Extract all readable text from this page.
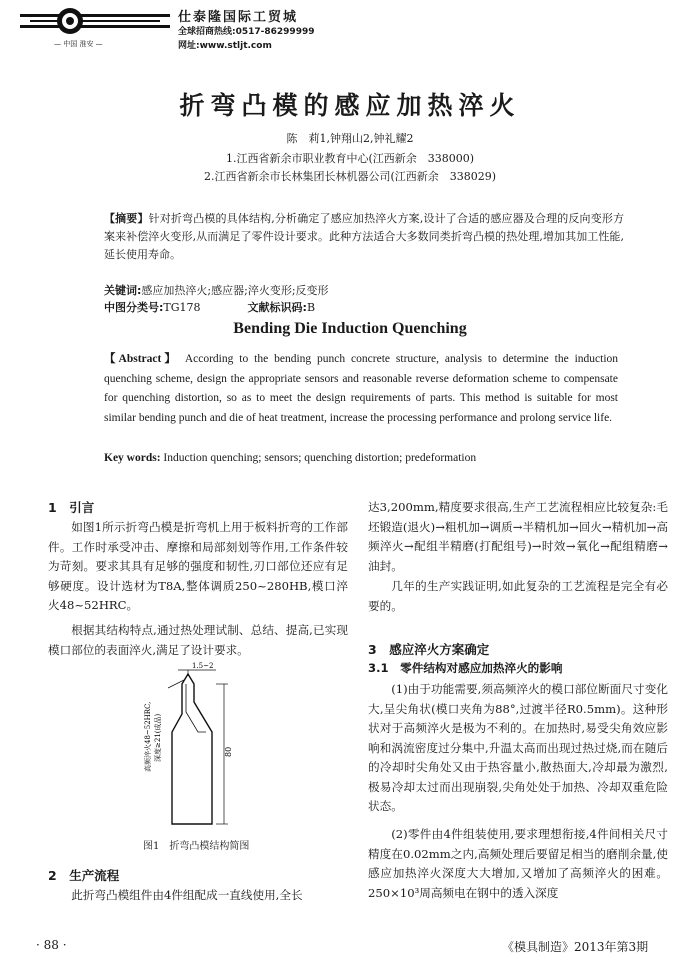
— 中国 淮安 —
仕泰隆国际工贸城
全球招商热线:0517-86299999
网址:www.stljt.com
折弯凸模的感应加热淬火
陈　莉1,钟翔山2,钟礼耀2
1.江西省新余市职业教育中心(江西新余　338000)
2.江西省新余市长林集团长林机器公司(江西新余　338029)
【摘要】针对折弯凸模的具体结构,分析确定了感应加热淬火方案,设计了合适的感应器及合理的反向变形方案来补偿淬火变形,从而满足了零件设计要求。此种方法适合大多数同类折弯凸模的热处理,增加其加工性能,延长使用寿命。
关键词:感应加热淬火;感应器;淬火变形;反变形
中图分类号:TG178	文献标识码:B
Bending Die Induction Quenching
【Abstract】 According to the bending punch concrete structure, analysis to determine the induction quenching scheme, design the appropriate sensors and reasonable reverse deformation scheme to compensate for quenching distortion, so as to meet the design requirements of parts. This method is suitable for most similar bending punch and die of heat treatment, increase the processing performance and prolong service life.
Key words: Induction quenching; sensors; quenching distortion; predeformation
1　引言
如图1所示折弯凸模是折弯机上用于板料折弯的工作部件。工作时承受冲击、摩擦和局部刻划等作用,工作条件较为苛刻。要求其具有足够的强度和韧性,刃口部位还应有足够硬度。设计选材为T8A,整体调质250~280HB,模口淬火48~52HRC。
根据其结构特点,通过热处理试制、总结、提高,已实现模口部位的表面淬火,满足了设计要求。
1.5~2
80
高频淬火48~52HRC, 深度≥21(成品)
图1　折弯凸模结构简图
2　生产流程
此折弯凸模组件由4件组配成一直线使用,全长
达3,200mm,精度要求很高,生产工艺流程相应比较复杂:毛坯锻造(退火)→粗机加→调质→半精机加→回火→精机加→高频淬火→配组半精磨(打配组号)→时效→氧化→配组精磨→油封。
几年的生产实践证明,如此复杂的工艺流程是完全有必要的。
3　感应淬火方案确定
3.1　零件结构对感应加热淬火的影响
(1)由于功能需要,须高频淬火的模口部位断面尺寸变化大,呈尖角状(模口夹角为88°,过渡半径R0.5mm)。这种形状对于高频淬火是极为不利的。在加热时,易受尖角效应影响和涡流密度过分集中,升温太高而出现过热过烧,而在随后的冷却时尖角处又由于热容量小,散热面大,冷却最为激烈,极易冷却太过而出现崩裂,尖角处处于加热、冷却双重危险状态。
(2)零件由4件组装使用,要求理想衔接,4件间相关尺寸精度在0.02mm之内,高频处理后要留足相当的磨削余量,使感应加热淬火深度大大增加,又增加了高频淬火的困难。250×10³周高频电在钢中的透入深度
· 88 ·	《模具制造》2013年第3期
